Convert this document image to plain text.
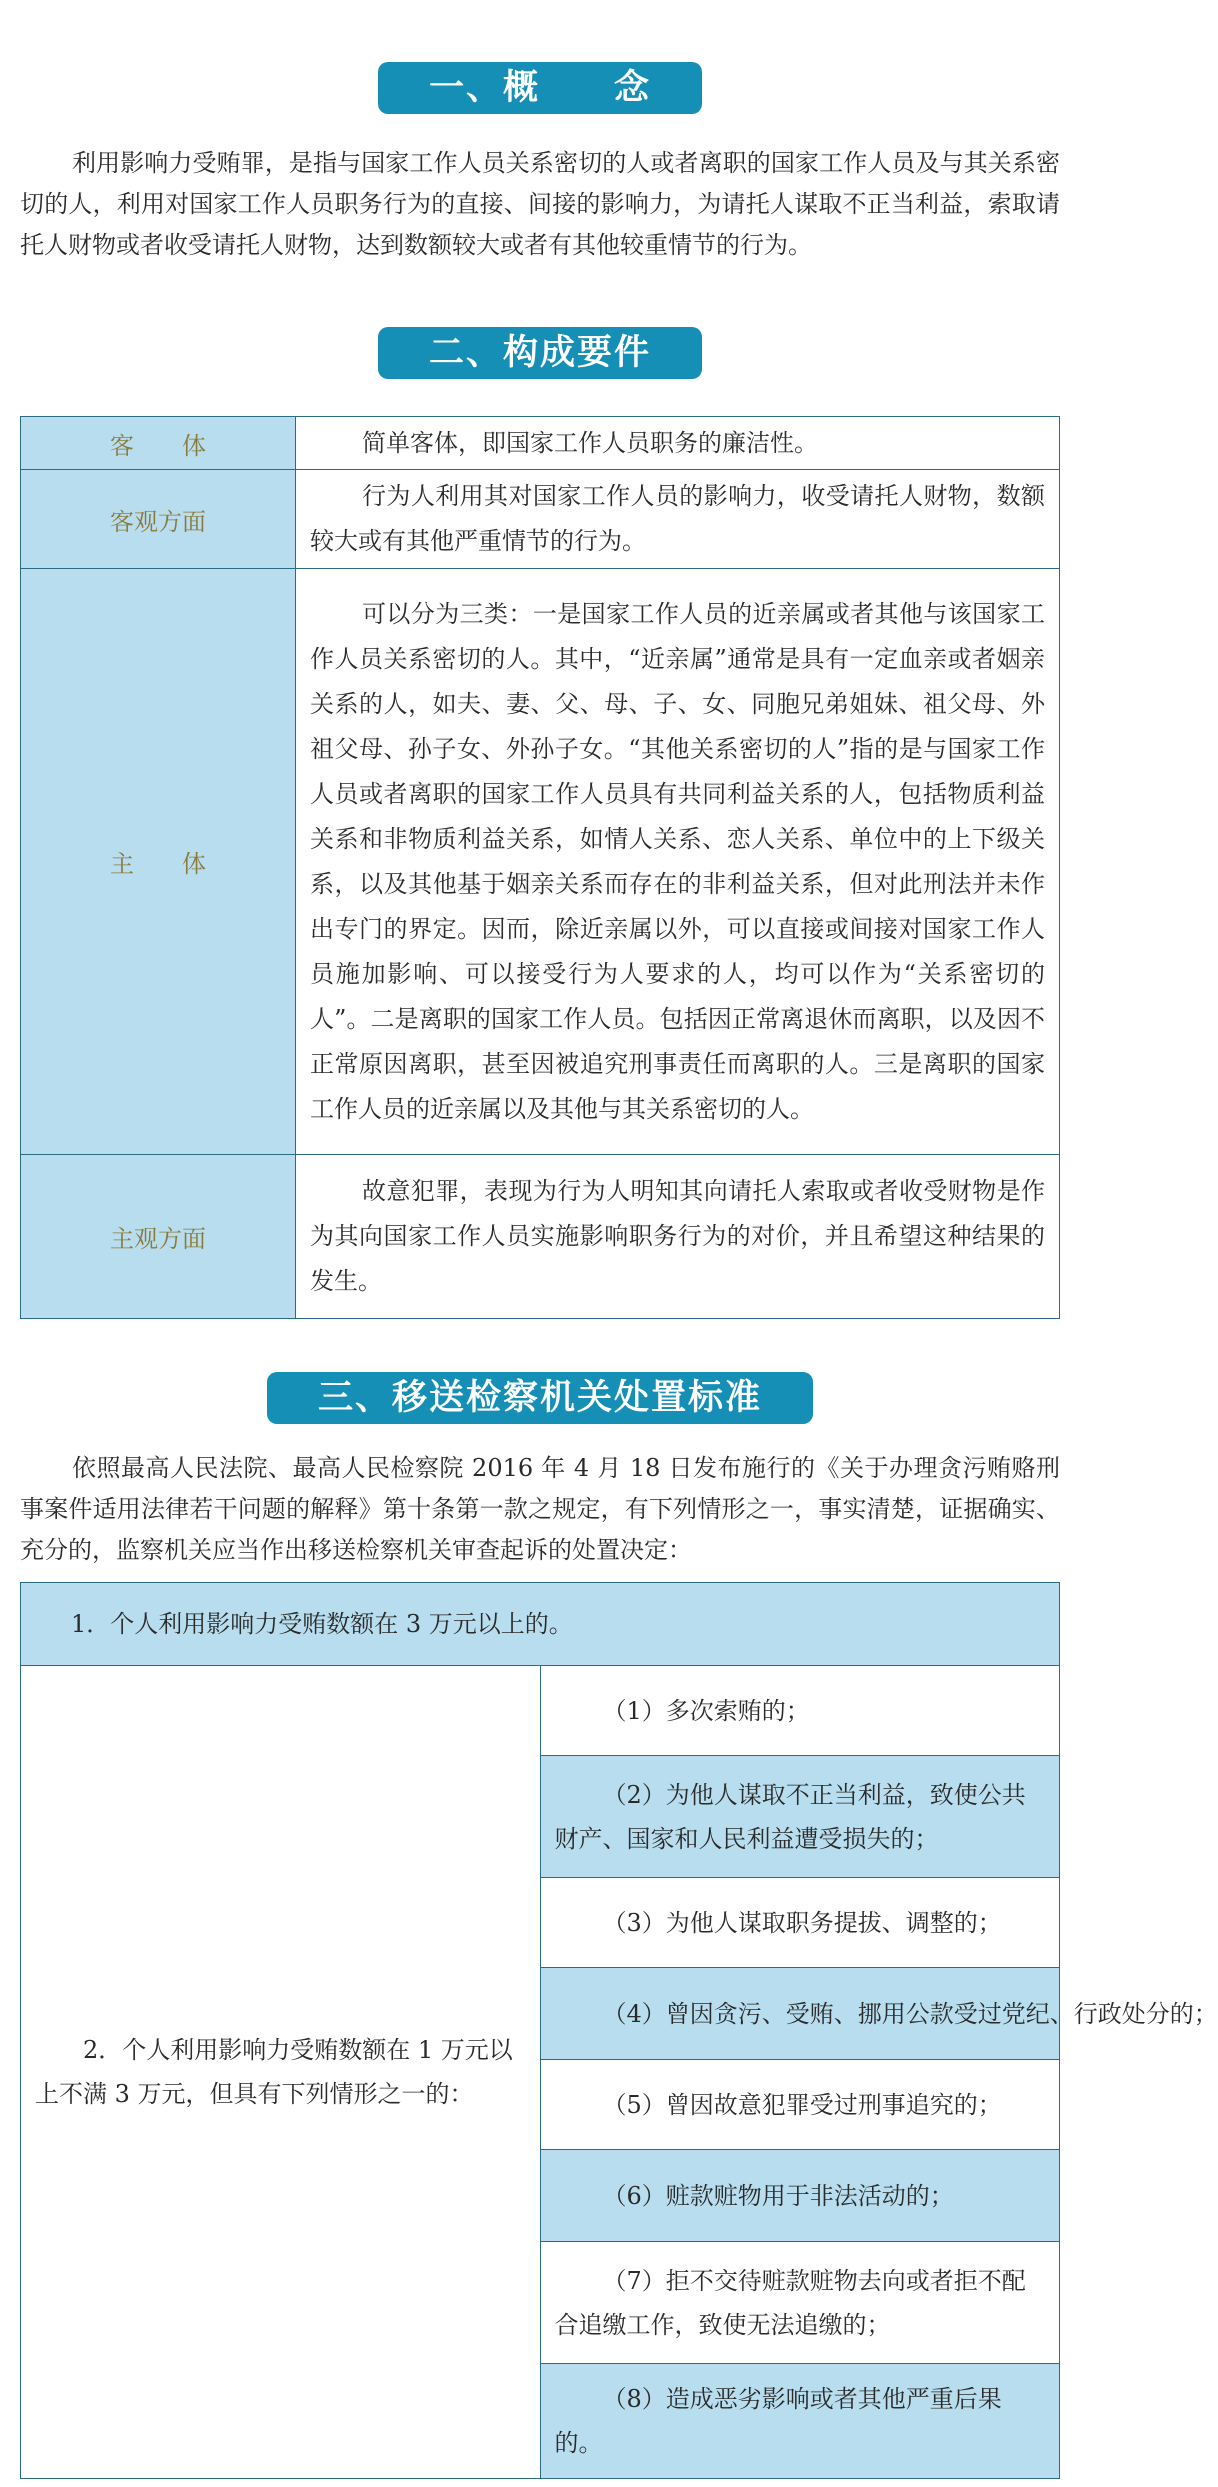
一、概　　念

利用影响力受贿罪，是指与国家工作人员关系密切的人或者离职的国家工作人员及与其关系密切的人，利用对国家工作人员职务行为的直接、间接的影响力，为请托人谋取不正当利益，索取请托人财物或者收受请托人财物，达到数额较大或者有其他较重情节的行为。

二、构成要件
客　　体	简单客体，即国家工作人员职务的廉洁性。

客观方面	行为人利用其对国家工作人员的影响力，收受请托人财物，数额较大或有其他严重情节的行为。

主　　体	可以分为三类：一是国家工作人员的近亲属或者其他与该国家工作人员关系密切的人。其中，“近亲属”通常是具有一定血亲或者姻亲关系的人，如夫、妻、父、母、子、女、同胞兄弟姐妹、祖父母、外祖父母、孙子女、外孙子女。“其他关系密切的人”指的是与国家工作人员或者离职的国家工作人员具有共同利益关系的人，包括物质利益关系和非物质利益关系，如情人关系、恋人关系、单位中的上下级关系，以及其他基于姻亲关系而存在的非利益关系，但对此刑法并未作出专门的界定。因而，除近亲属以外，可以直接或间接对国家工作人员施加影响、可以接受行为人要求的人，均可以作为“关系密切的人”。二是离职的国家工作人员。包括因正常离退休而离职，以及因不正常原因离职，甚至因被追究刑事责任而离职的人。三是离职的国家工作人员的近亲属以及其他与其关系密切的人。

主观方面	故意犯罪，表现为行为人明知其向请托人索取或者收受财物是作为其向国家工作人员实施影响职务行为的对价，并且希望这种结果的发生。

三、移送检察机关处置标准

依照最高人民法院、最高人民检察院 2016 年 4 月 18 日发布施行的《关于办理贪污贿赂刑事案件适用法律若干问题的解释》第十条第一款之规定，有下列情形之一，事实清楚，证据确实、充分的，监察机关应当作出移送检察机关审查起诉的处置决定：

1．个人利用影响力受贿数额在 3 万元以上的。

2．个人利用影响力受贿数额在 1 万元以上不满 3 万元，但具有下列情形之一的：

（1）多次索贿的；

（2）为他人谋取不正当利益，致使公共财产、国家和人民利益遭受损失的；

（3）为他人谋取职务提拔、调整的；

（4）曾因贪污、受贿、挪用公款受过党纪、行政处分的；

（5）曾因故意犯罪受过刑事追究的；

（6）赃款赃物用于非法活动的；

（7）拒不交待赃款赃物去向或者拒不配合追缴工作，致使无法追缴的；

（8）造成恶劣影响或者其他严重后果的。
